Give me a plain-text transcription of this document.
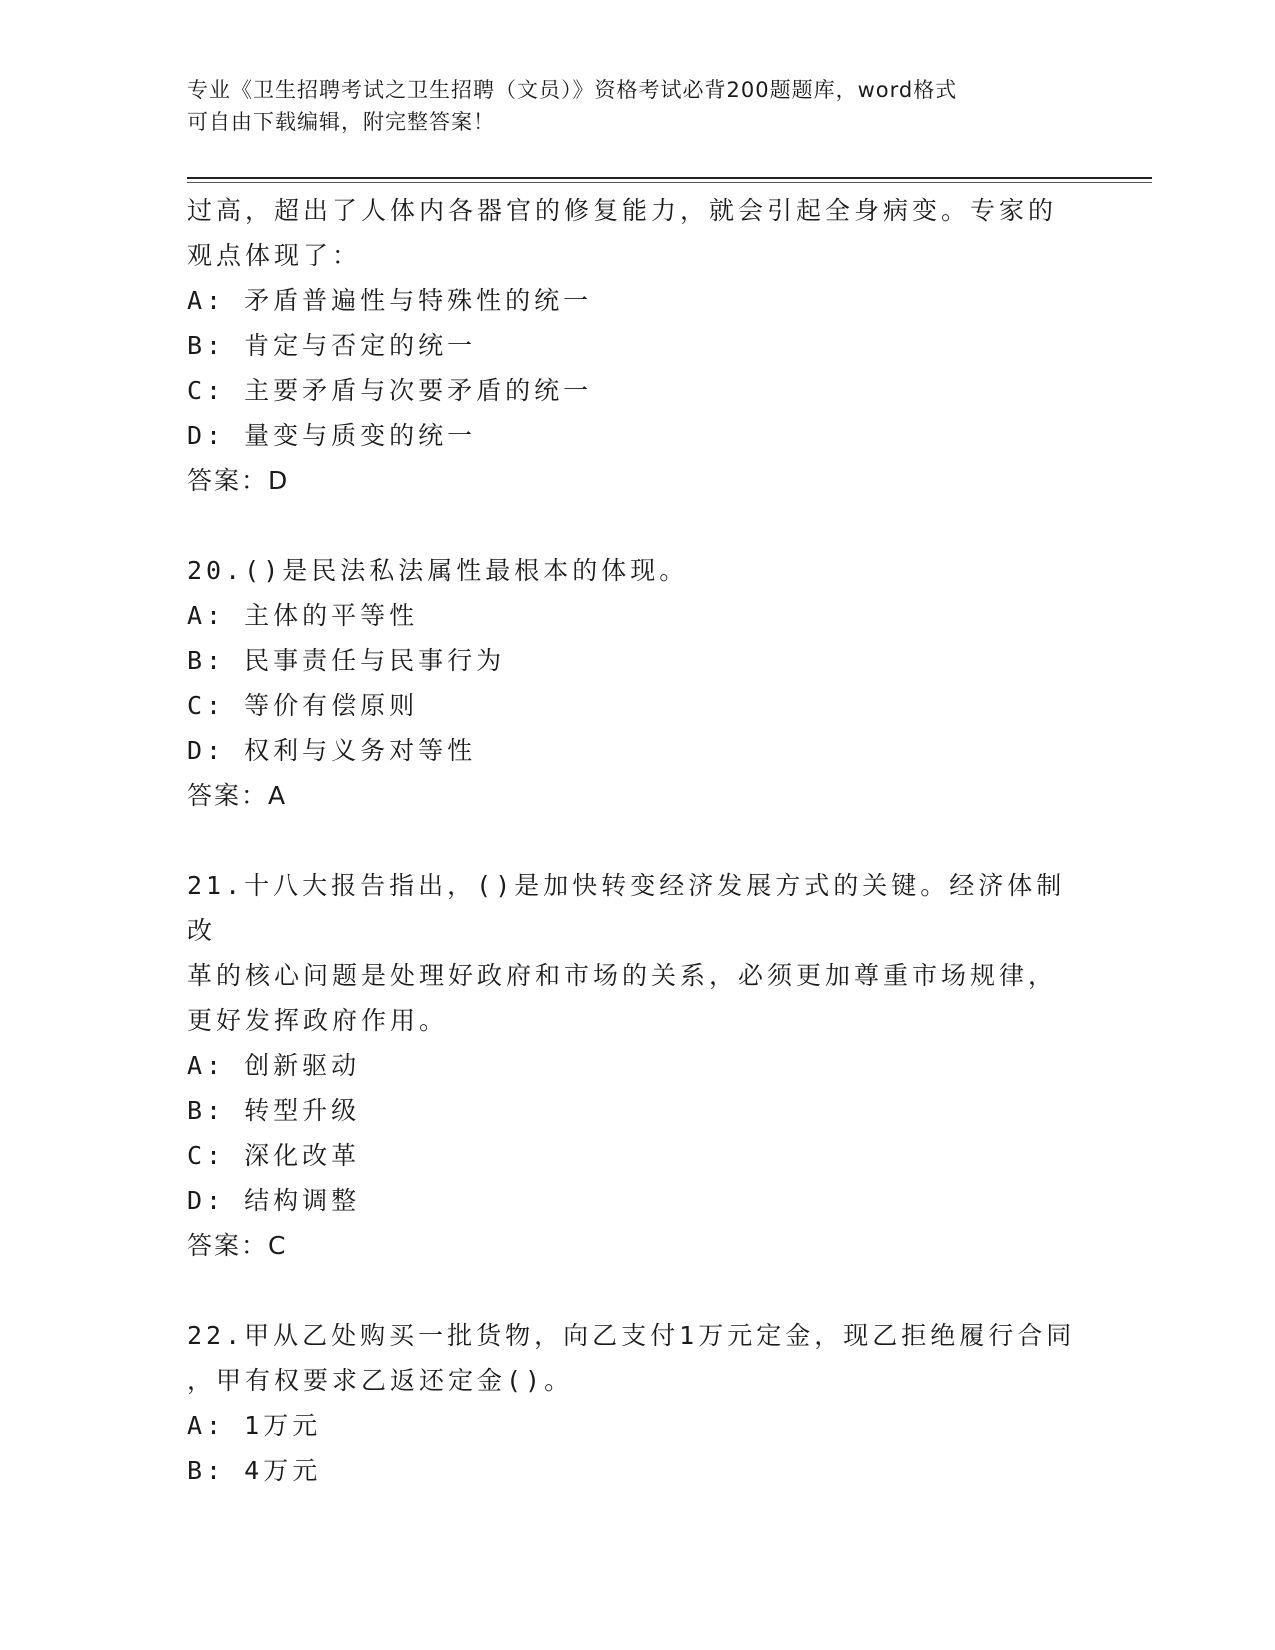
专业《卫生招聘考试之卫生招聘（文员）》资格考试必背200题题库，word格式
可自由下载编辑，附完整答案！

过高，超出了人体内各器官的修复能力，就会引起全身病变。专家的

观点体现了：

A: 矛盾普遍性与特殊性的统一

B: 肯定与否定的统一

C: 主要矛盾与次要矛盾的统一

D: 量变与质变的统一

答案：D

20.()是民法私法属性最根本的体现。

A: 主体的平等性

B: 民事责任与民事行为

C: 等价有偿原则

D: 权利与义务对等性

答案：A

21.十八大报告指出，()是加快转变经济发展方式的关键。经济体制改

革的核心问题是处理好政府和市场的关系，必须更加尊重市场规律，

更好发挥政府作用。

A: 创新驱动

B: 转型升级

C: 深化改革

D: 结构调整

答案：C

22.甲从乙处购买一批货物，向乙支付1万元定金，现乙拒绝履行合同

，甲有权要求乙返还定金()。

A: 1万元

B: 4万元
